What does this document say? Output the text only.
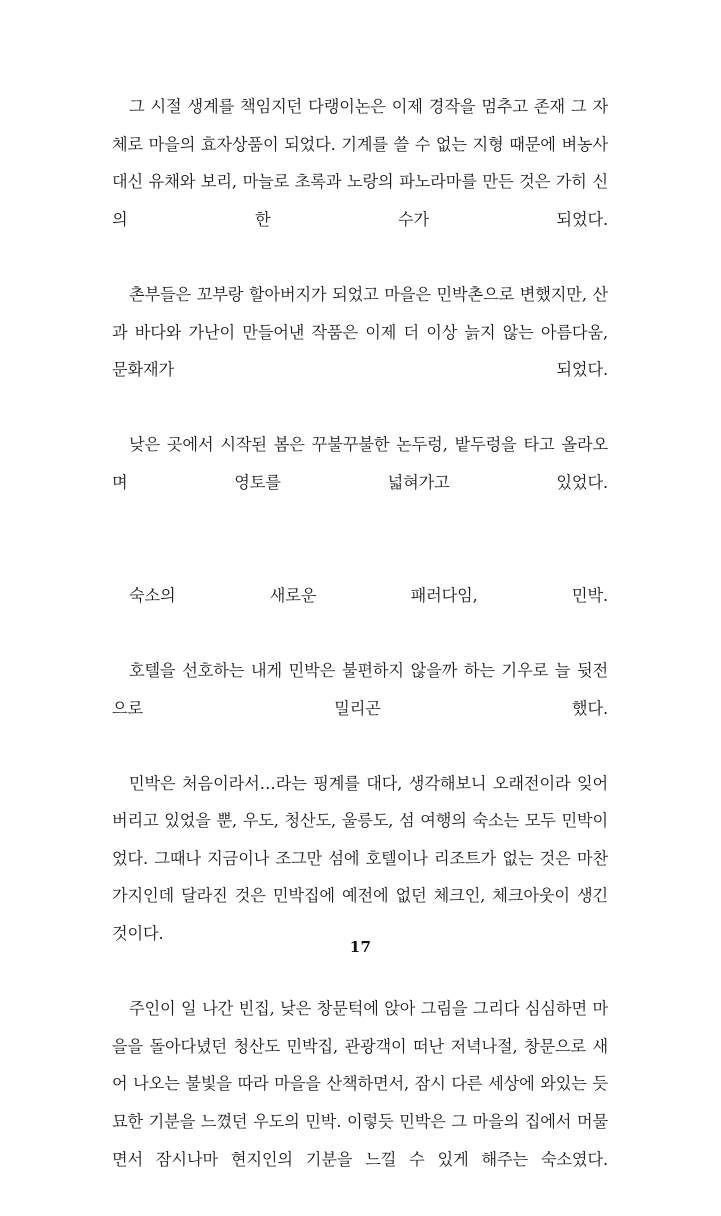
그 시절 생계를 책임지던 다랭이논은 이제 경작을 멈추고 존재 그 자체로 마을의 효자상품이 되었다. 기계를 쓸 수 없는 지형 때문에 벼농사 대신 유채와 보리, 마늘로 초록과 노랑의 파노라마를 만든 것은 가히 신의 한 수가 되었다.

촌부들은 꼬부랑 할아버지가 되었고 마을은 민박촌으로 변했지만, 산과 바다와 가난이 만들어낸 작품은 이제 더 이상 늙지 않는 아름다움, 문화재가 되었다.

낮은 곳에서 시작된 봄은 꾸불꾸불한 논두렁, 밭두렁을 타고 올라오며 영토를 넓혀가고 있었다.

숙소의 새로운 패러다임, 민박.

호텔을 선호하는 내게 민박은 불편하지 않을까 하는 기우로 늘 뒷전으로 밀리곤 했다.

민박은 처음이라서…라는 핑계를 대다, 생각해보니 오래전이라 잊어버리고 있었을 뿐, 우도, 청산도, 울릉도, 섬 여행의 숙소는 모두 민박이었다. 그때나 지금이나 조그만 섬에 호텔이나 리조트가 없는 것은 마찬가지인데 달라진 것은 민박집에 예전에 없던 체크인, 체크아웃이 생긴 것이다.

주인이 일 나간 빈집, 낮은 창문턱에 앉아 그림을 그리다 심심하면 마을을 돌아다녔던 청산도 민박집, 관광객이 떠난 저녁나절, 창문으로 새어 나오는 불빛을 따라 마을을 산책하면서, 잠시 다른 세상에 와있는 듯 묘한 기분을 느꼈던 우도의 민박. 이렇듯 민박은 그 마을의 집에서 머물면서 잠시나마 현지인의 기분을 느낄 수 있게 해주는 숙소였다.

17
